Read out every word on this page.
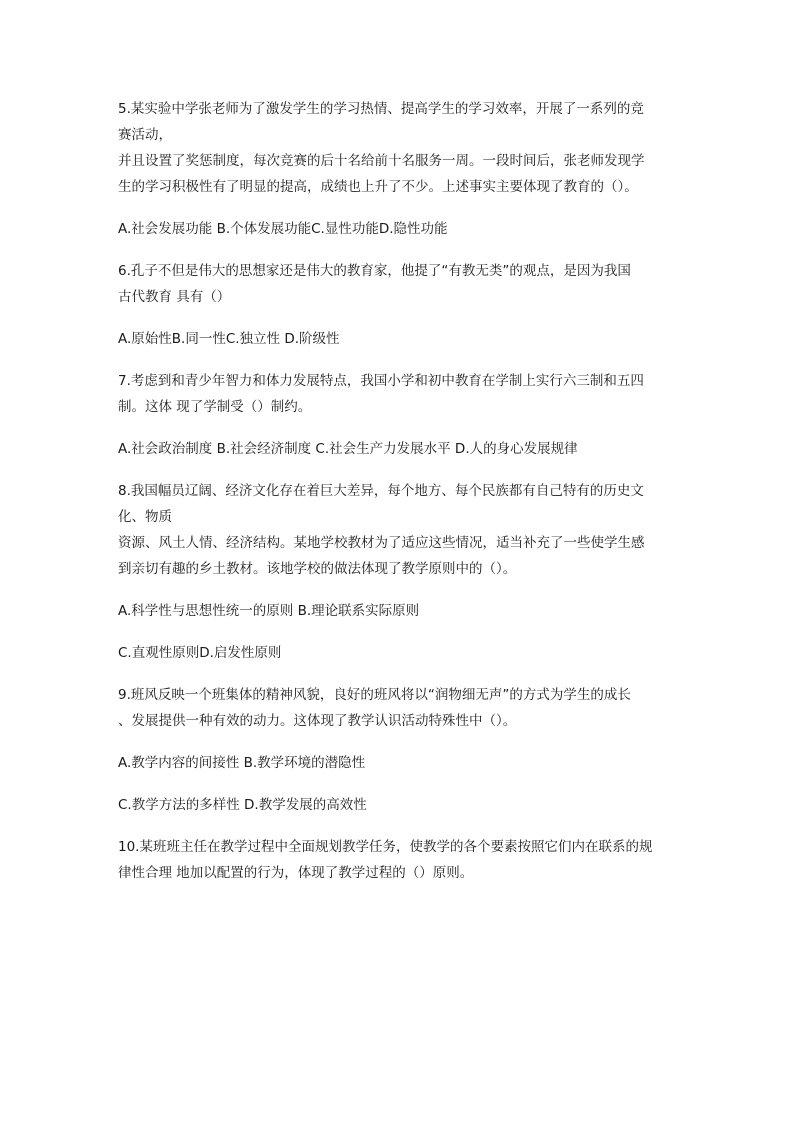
5.某实验中学张老师为了激发学生的学习热情、提高学生的学习效率，开展了一系列的竞

赛活动，

并且设置了奖惩制度，每次竞赛的后十名给前十名服务一周。一段时间后，张老师发现学

生的学习积极性有了明显的提高，成绩也上升了不少。上述事实主要体现了教育的（）。

A.社会发展功能 B.个体发展功能C.显性功能D.隐性功能

6.孔子不但是伟大的思想家还是伟大的教育家，他提了“有教无类”的观点，是因为我国

古代教育 具有（）

A.原始性B.同一性C.独立性 D.阶级性

7.考虑到和青少年智力和体力发展特点，我国小学和初中教育在学制上实行六三制和五四

制。这体 现了学制受（）制约。

A.社会政治制度 B.社会经济制度 C.社会生产力发展水平 D.人的身心发展规律

8.我国幅员辽阔、经济文化存在着巨大差异，每个地方、每个民族都有自己特有的历史文

化、物质

资源、风土人情、经济结构。某地学校教材为了适应这些情况，适当补充了一些使学生感

到亲切有趣的乡土教材。该地学校的做法体现了教学原则中的（）。

A.科学性与思想性统一的原则 B.理论联系实际原则

C.直观性原则D.启发性原则

9.班风反映一个班集体的精神风貌，良好的班风将以“润物细无声”的方式为学生的成长

、发展提供一种有效的动力。这体现了教学认识活动特殊性中（）。

A.教学内容的间接性 B.教学环境的潜隐性

C.教学方法的多样性 D.教学发展的高效性

10.某班班主任在教学过程中全面规划教学任务，使教学的各个要素按照它们内在联系的规

律性合理 地加以配置的行为，体现了教学过程的（）原则。
